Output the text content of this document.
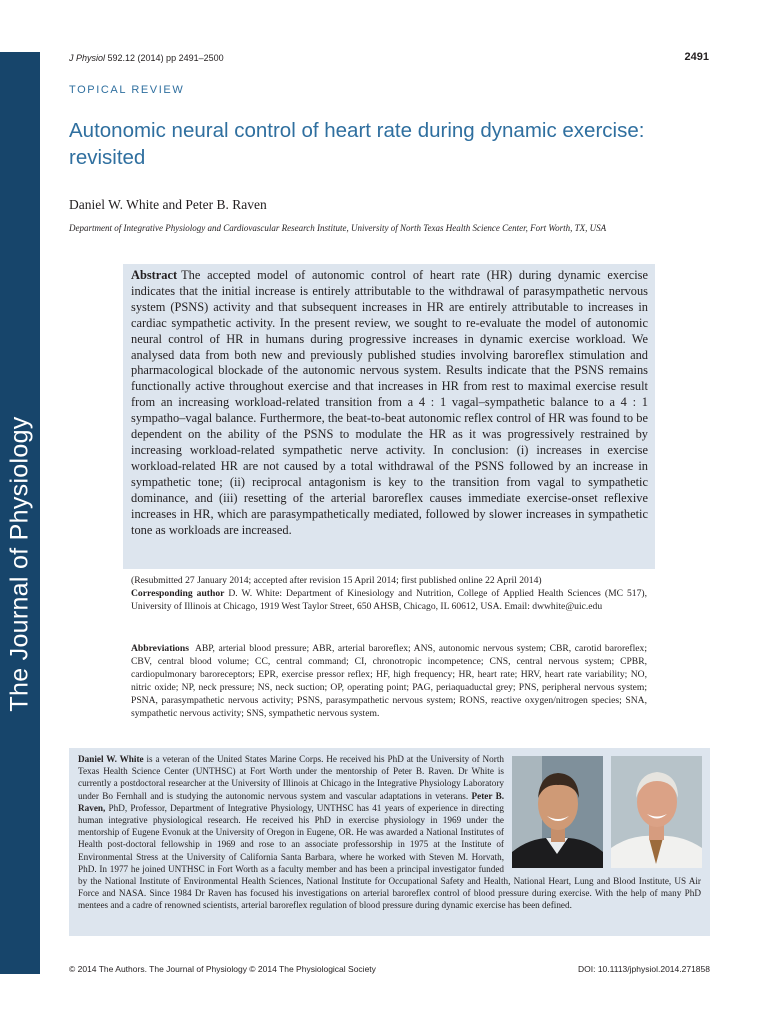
The Journal of Physiology
J Physiol 592.12 (2014) pp 2491–2500	2491
TOPICAL REVIEW
Autonomic neural control of heart rate during dynamic exercise: revisited
Daniel W. White and Peter B. Raven
Department of Integrative Physiology and Cardiovascular Research Institute, University of North Texas Health Science Center, Fort Worth, TX, USA

Abstract The accepted model of autonomic control of heart rate (HR) during dynamic exercise indicates that the initial increase is entirely attributable to the withdrawal of parasympathetic nervous system (PSNS) activity and that subsequent increases in HR are entirely attributable to increases in cardiac sympathetic activity. In the present review, we sought to re-evaluate the model of autonomic neural control of HR in humans during progressive increases in dynamic exercise workload. We analysed data from both new and previously published studies involving baroreflex stimulation and pharmacological blockade of the autonomic nervous system. Results indicate that the PSNS remains functionally active throughout exercise and that increases in HR from rest to maximal exercise result from an increasing workload-related transition from a 4 : 1 vagal–sympathetic balance to a 4 : 1 sympatho–vagal balance. Furthermore, the beat-to-beat autonomic reflex control of HR was found to be dependent on the ability of the PSNS to modulate the HR as it was progressively restrained by increasing workload-related sympathetic nerve activity. In conclusion: (i) increases in exercise workload-related HR are not caused by a total withdrawal of the PSNS followed by an increase in sympathetic tone; (ii) reciprocal antagonism is key to the transition from vagal to sympathetic dominance, and (iii) resetting of the arterial baroreflex causes immediate exercise-onset reflexive increases in HR, which are parasympathetically mediated, followed by slower increases in sympathetic tone as workloads are increased.

(Resubmitted 27 January 2014; accepted after revision 15 April 2014; first published online 22 April 2014)

Corresponding author D. W. White: Department of Kinesiology and Nutrition, College of Applied Health Sciences (MC 517), University of Illinois at Chicago, 1919 West Taylor Street, 650 AHSB, Chicago, IL 60612, USA. Email: dwwhite@uic.edu

Abbreviations ABP, arterial blood pressure; ABR, arterial baroreflex; ANS, autonomic nervous system; CBR, carotid baroreflex; CBV, central blood volume; CC, central command; CI, chronotropic incompetence; CNS, central nervous system; CPBR, cardiopulmonary baroreceptors; EPR, exercise pressor reflex; HF, high frequency; HR, heart rate; HRV, heart rate variability; NO, nitric oxide; NP, neck pressure; NS, neck suction; OP, operating point; PAG, periaquaductal grey; PNS, peripheral nervous system; PSNA, parasympathetic nervous activity; PSNS, parasympathetic nervous system; RONS, reactive oxygen/nitrogen species; SNA, sympathetic nervous activity; SNS, sympathetic nervous system.

Daniel W. White is a veteran of the United States Marine Corps. He received his PhD at the University of North Texas Health Science Center (UNTHSC) at Fort Worth under the mentorship of Peter B. Raven. Dr White is currently a postdoctoral researcher at the University of Illinois at Chicago in the Integrative Physiology Laboratory under Bo Fernhall and is studying the autonomic nervous system and vascular adaptations in veterans. Peter B. Raven, PhD, Professor, Department of Integrative Physiology, UNTHSC has 41 years of experience in directing human integrative physiological research. He received his PhD in exercise physiology in 1969 under the mentorship of Eugene Evonuk at the University of Oregon in Eugene, OR. He was awarded a National Institutes of Health post-doctoral fellowship in 1969 and rose to an associate professorship in 1975 at the Institute of Environmental Stress at the University of California Santa Barbara, where he worked with Steven M. Horvath, PhD. In 1977 he joined UNTHSC in Fort Worth as a faculty member and has been a principal investigator funded by the National Institute of Environmental Health Sciences, National Institute for Occupational Safety and Health, National Heart, Lung and Blood Institute, US Air Force and NASA. Since 1984 Dr Raven has focused his investigations on arterial baroreflex control of blood pressure during exercise. With the help of many PhD mentees and a cadre of renowned scientists, arterial baroreflex regulation of blood pressure during dynamic exercise has been defined.

© 2014 The Authors. The Journal of Physiology © 2014 The Physiological Society	DOI: 10.1113/jphysiol.2014.271858
